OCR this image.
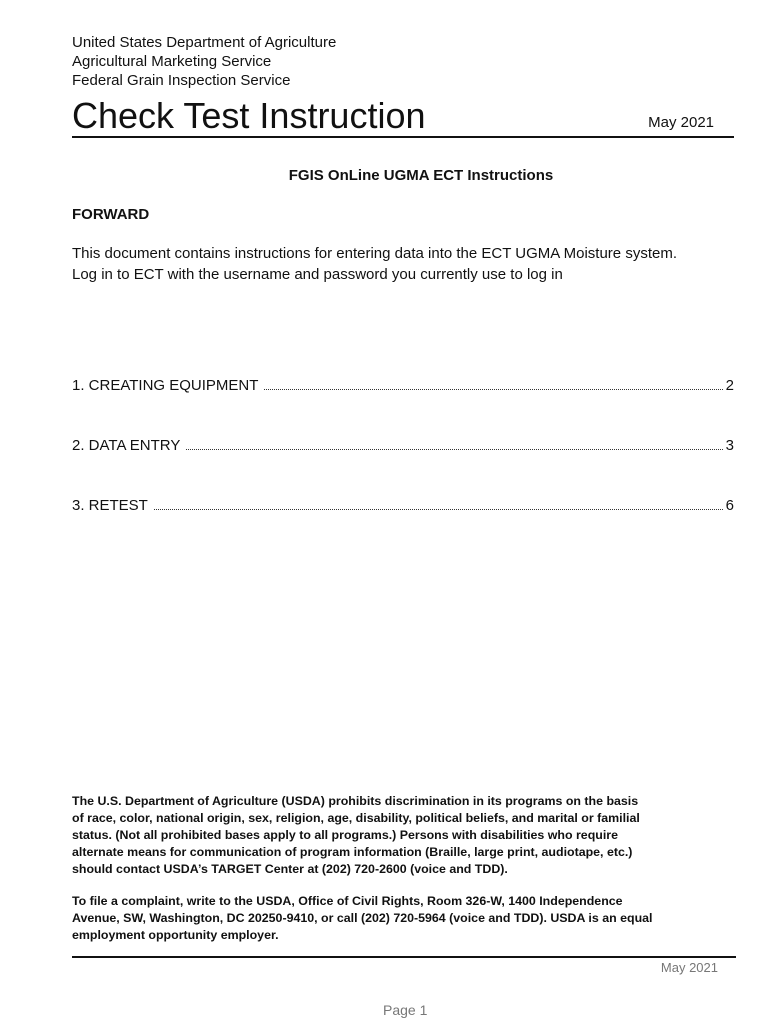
United States Department of Agriculture
Agricultural Marketing Service
Federal Grain Inspection Service
Check Test Instruction	May 2021
FGIS OnLine UGMA ECT Instructions
FORWARD
This document contains instructions for entering data into the ECT UGMA Moisture system.
Log in to ECT with the username and password you currently use to log in
1. CREATING EQUIPMENT	2
2. DATA ENTRY	3
3. RETEST	6
The U.S. Department of Agriculture (USDA) prohibits discrimination in its programs on the basis
of race, color, national origin, sex, religion, age, disability, political beliefs, and marital or familial
status. (Not all prohibited bases apply to all programs.) Persons with disabilities who require
alternate means for communication of program information (Braille, large print, audiotape, etc.)
should contact USDA’s TARGET Center at (202) 720-2600 (voice and TDD).
To file a complaint, write to the USDA, Office of Civil Rights, Room 326-W, 1400 Independence
Avenue, SW, Washington, DC 20250-9410, or call (202) 720-5964 (voice and TDD). USDA is an equal
employment opportunity employer.
May 2021
Page 1
